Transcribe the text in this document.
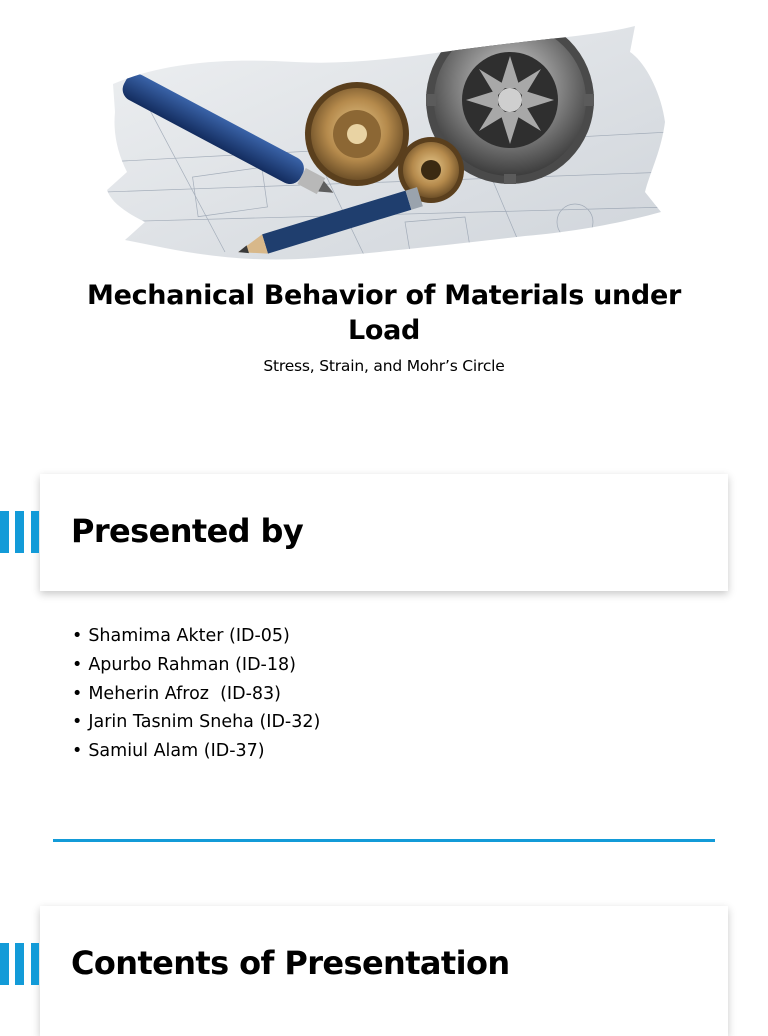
Mechanical Behavior of Materials under Load
Stress, Strain, and Mohr’s Circle
Presented by
• Shamima Akter (ID-05)
• Apurbo Rahman (ID-18)
• Meherin Afroz  (ID-83)
• Jarin Tasnim Sneha (ID-32)
• Samiul Alam (ID-37)
Contents of Presentation
